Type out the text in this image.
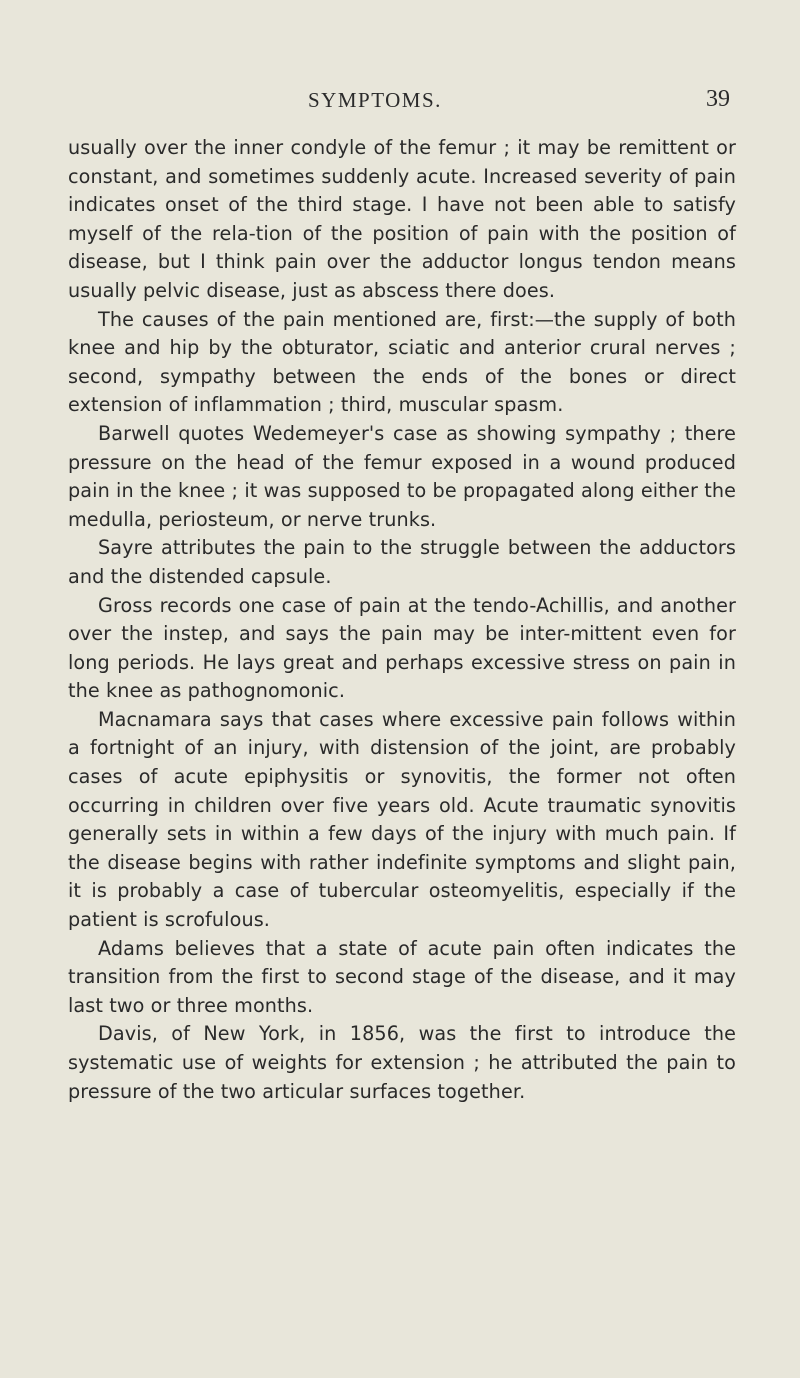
SYMPTOMS.	39

usually over the inner condyle of the femur ; it may be remittent or constant, and sometimes suddenly acute. Increased severity of pain indicates onset of the third stage. I have not been able to satisfy myself of the rela-tion of the position of pain with the position of disease, but I think pain over the adductor longus tendon means usually pelvic disease, just as abscess there does.

The causes of the pain mentioned are, first:—the supply of both knee and hip by the obturator, sciatic and anterior crural nerves ; second, sympathy between the ends of the bones or direct extension of inflammation ; third, muscular spasm.

Barwell quotes Wedemeyer's case as showing sympathy ; there pressure on the head of the femur exposed in a wound produced pain in the knee ; it was supposed to be propagated along either the medulla, periosteum, or nerve trunks.

Sayre attributes the pain to the struggle between the adductors and the distended capsule.

Gross records one case of pain at the tendo-Achillis, and another over the instep, and says the pain may be inter-mittent even for long periods. He lays great and perhaps excessive stress on pain in the knee as pathognomonic.

Macnamara says that cases where excessive pain follows within a fortnight of an injury, with distension of the joint, are probably cases of acute epiphysitis or synovitis, the former not often occurring in children over five years old. Acute traumatic synovitis generally sets in within a few days of the injury with much pain. If the disease begins with rather indefinite symptoms and slight pain, it is probably a case of tubercular osteomyelitis, especially if the patient is scrofulous.

Adams believes that a state of acute pain often indicates the transition from the first to second stage of the disease, and it may last two or three months.

Davis, of New York, in 1856, was the first to introduce the systematic use of weights for extension ; he attributed the pain to pressure of the two articular surfaces together.
